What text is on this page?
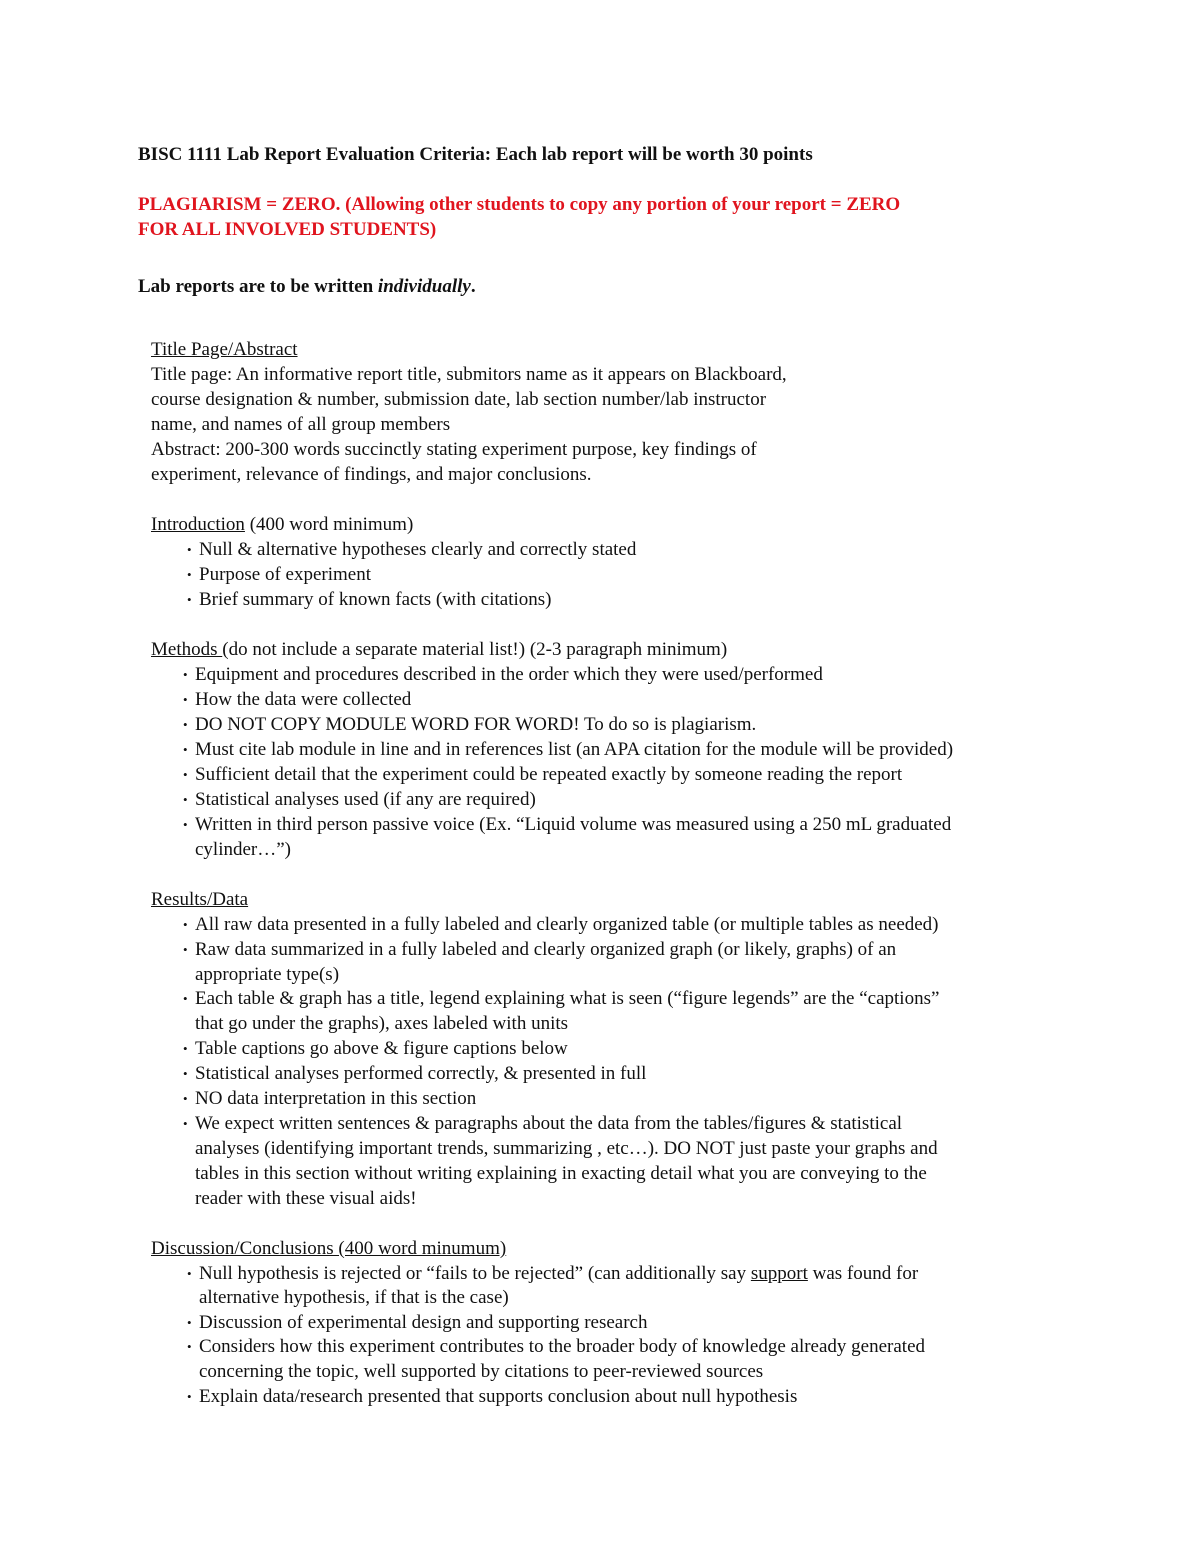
BISC 1111 Lab Report Evaluation Criteria: Each lab report will be worth 30 points
PLAGIARISM = ZERO. (Allowing other students to copy any portion of your report = ZERO
FOR ALL INVOLVED STUDENTS)
Lab reports are to be written individually.
Title Page/Abstract
Title page: An informative report title, submitors name as it appears on Blackboard,
course designation & number, submission date, lab section number/lab instructor
name, and names of all group members
Abstract: 200-300 words succinctly stating experiment purpose, key findings of
experiment, relevance of findings, and major conclusions.
Introduction (400 word minimum)
• Null & alternative hypotheses clearly and correctly stated
• Purpose of experiment
• Brief summary of known facts (with citations)
Methods (do not include a separate material list!) (2-3 paragraph minimum)
• Equipment and procedures described in the order which they were used/performed
• How the data were collected
• DO NOT COPY MODULE WORD FOR WORD! To do so is plagiarism.
• Must cite lab module in line and in references list (an APA citation for the module will be provided)
• Sufficient detail that the experiment could be repeated exactly by someone reading the report
• Statistical analyses used (if any are required)
• Written in third person passive voice (Ex. “Liquid volume was measured using a 250 mL graduated
cylinder…”)
Results/Data
• All raw data presented in a fully labeled and clearly organized table (or multiple tables as needed)
• Raw data summarized in a fully labeled and clearly organized graph (or likely, graphs) of an
appropriate type(s)
• Each table & graph has a title, legend explaining what is seen (“figure legends” are the “captions”
that go under the graphs), axes labeled with units
• Table captions go above & figure captions below
• Statistical analyses performed correctly, & presented in full
• NO data interpretation in this section
• We expect written sentences & paragraphs about the data from the tables/figures & statistical
analyses (identifying important trends, summarizing , etc…). DO NOT just paste your graphs and
tables in this section without writing explaining in exacting detail what you are conveying to the
reader with these visual aids!
Discussion/Conclusions (400 word minumum)
• Null hypothesis is rejected or “fails to be rejected” (can additionally say support was found for
alternative hypothesis, if that is the case)
• Discussion of experimental design and supporting research
• Considers how this experiment contributes to the broader body of knowledge already generated
concerning the topic, well supported by citations to peer-reviewed sources
• Explain data/research presented that supports conclusion about null hypothesis
